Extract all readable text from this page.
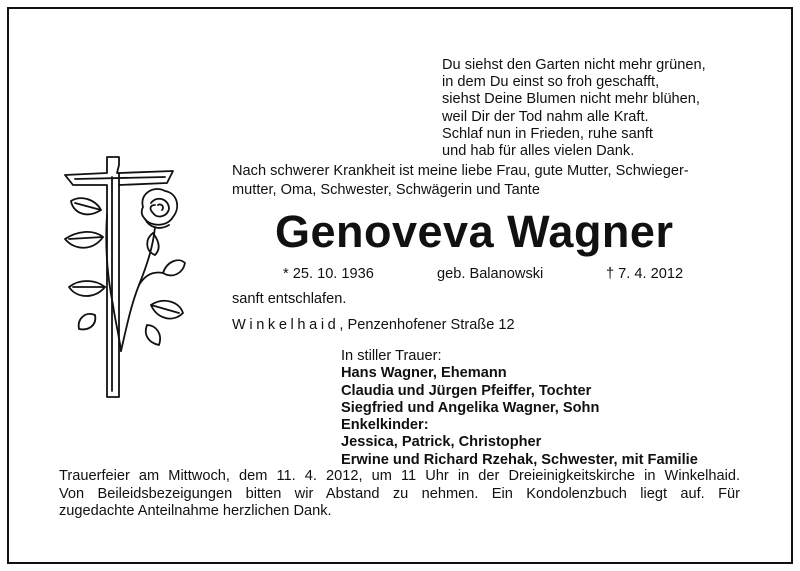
Du siehst den Garten nicht mehr grünen,
in dem Du einst so froh geschafft,
siehst Deine Blumen nicht mehr blühen,
weil Dir der Tod nahm alle Kraft.
Schlaf nun in Frieden, ruhe sanft
und hab für alles vielen Dank.
Nach schwerer Krankheit ist meine liebe Frau, gute Mutter, Schwieger-
mutter, Oma, Schwester, Schwägerin und Tante
Genoveva Wagner
* 25. 10. 1936	geb. Balanowski	† 7. 4. 2012
sanft entschlafen.
Winkelhaid, Penzenhofener Straße 12
In stiller Trauer:
Hans Wagner, Ehemann
Claudia und Jürgen Pfeiffer, Tochter
Siegfried und Angelika Wagner, Sohn
Enkelkinder:
Jessica, Patrick, Christopher
Erwine und Richard Rzehak, Schwester, mit Familie
Trauerfeier am Mittwoch, dem 11. 4. 2012, um 11 Uhr in der Dreieinigkeitskirche in Winkelhaid.
Von Beileidsbezeigungen bitten wir Abstand zu nehmen. Ein Kondolenzbuch liegt auf. Für
zugedachte Anteilnahme herzlichen Dank.
